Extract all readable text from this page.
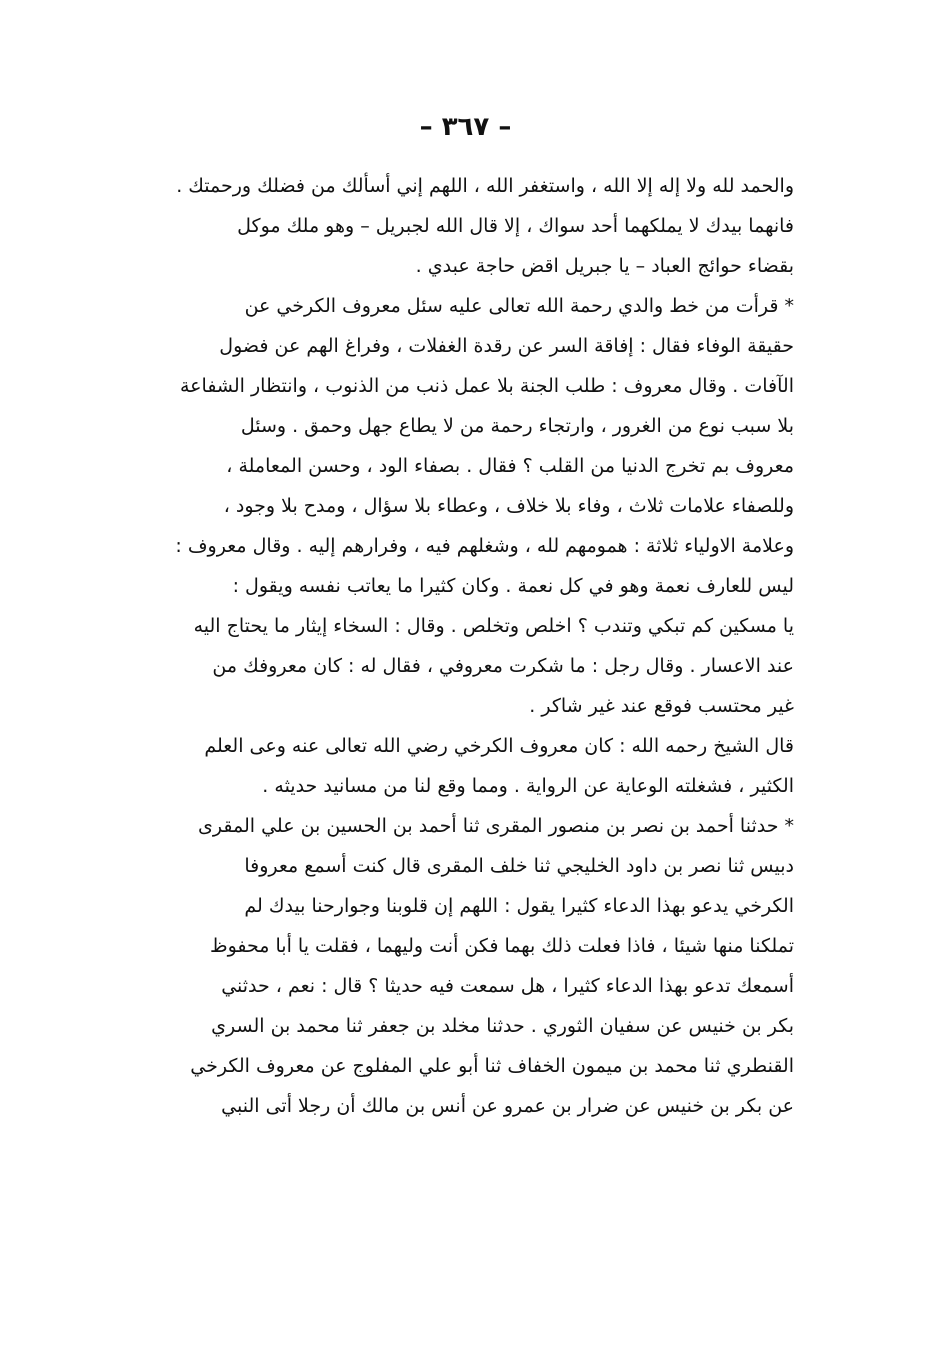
– ٣٦٧ –
والحمد لله ولا إله إلا الله ، واستغفر الله ، اللهم إني أسألك من فضلك ورحمتك .
فانهما بيدك لا يملكهما أحد سواك ، إلا قال الله لجبريل – وهو ملك موكل
بقضاء حوائج العباد – يا جبريل اقض حاجة عبدي .
* قرأت من خط والدي رحمة الله تعالى عليه سئل معروف الكرخي عن
حقيقة الوفاء فقال : إفاقة السر عن رقدة الغفلات ، وفراغ الهم عن فضول
الآفات . وقال معروف : طلب الجنة بلا عمل ذنب من الذنوب ، وانتظار الشفاعة
بلا سبب نوع من الغرور ، وارتجاء رحمة من لا يطاع جهل وحمق . وسئل
معروف بم تخرج الدنيا من القلب ؟ فقال . بصفاء الود ، وحسن المعاملة ،
وللصفاء علامات ثلاث ، وفاء بلا خلاف ، وعطاء بلا سؤال ، ومدح بلا وجود ،
وعلامة الاولياء ثلاثة : همومهم لله ، وشغلهم فيه ، وفرارهم إليه . وقال معروف :
ليس للعارف نعمة وهو في كل نعمة . وكان كثيرا ما يعاتب نفسه ويقول :
يا مسكين كم تبكي وتندب ؟ اخلص وتخلص . وقال : السخاء إيثار ما يحتاج اليه
عند الاعسار . وقال رجل : ما شكرت معروفي ، فقال له : كان معروفك من
غير محتسب فوقع عند غير شاكر .
قال الشيخ رحمه الله : كان معروف الكرخي رضي الله تعالى عنه وعى العلم
الكثير ، فشغلته الوعاية عن الرواية . ومما وقع لنا من مسانيد حديثه .
* حدثنا أحمد بن نصر بن منصور المقرى ثنا أحمد بن الحسين بن علي المقرى
دبيس ثنا نصر بن داود الخليجي ثنا خلف المقرى قال كنت أسمع معروفا
الكرخي يدعو بهذا الدعاء كثيرا يقول : اللهم إن قلوبنا وجوارحنا بيدك لم
تملكنا منها شيئا ، فاذا فعلت ذلك بهما فكن أنت وليهما ، فقلت يا أبا محفوظ
أسمعك تدعو بهذا الدعاء كثيرا ، هل سمعت فيه حديثا ؟ قال : نعم ، حدثني
بكر بن خنيس عن سفيان الثوري . حدثنا مخلد بن جعفر ثنا محمد بن السري
القنطري ثنا محمد بن ميمون الخفاف ثنا أبو علي المفلوج عن معروف الكرخي
عن بكر بن خنيس عن ضرار بن عمرو عن أنس بن مالك أن رجلا أتى النبي
